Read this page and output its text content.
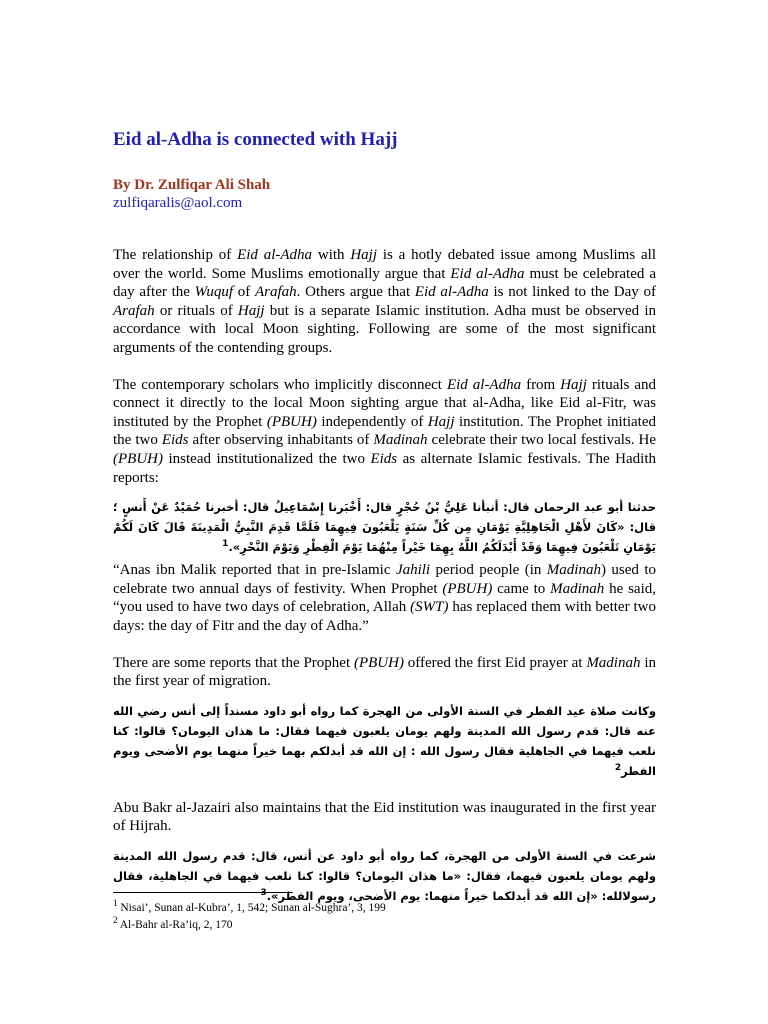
Eid al-Adha is connected with Hajj
By Dr. Zulfiqar Ali Shah
zulfiqaralis@aol.com

The relationship of Eid al-Adha with Hajj is a hotly debated issue among Muslims all over the world. Some Muslims emotionally argue that Eid al-Adha must be celebrated a day after the Wuquf of Arafah. Others argue that Eid al-Adha is not linked to the Day of Arafah or rituals of Hajj but is a separate Islamic institution. Adha must be observed in accordance with local Moon sighting. Following are some of the most significant arguments of the contending groups.

The contemporary scholars who implicitly disconnect Eid al-Adha from Hajj rituals and connect it directly to the local Moon sighting argue that al-Adha, like Eid al-Fitr, was instituted by the Prophet (PBUH) independently of Hajj institution. The Prophet initiated the two Eids after observing inhabitants of Madinah celebrate their two local festivals. He (PBUH) instead institutionalized the two Eids as alternate Islamic festivals. The Hadith reports:

حدثنا أبو عبد الرحمان قال: أنبأنا عَلِيُّ بْنُ حُجْرٍ قال: أَخْبَرنا إِسْمَاعِيلُ قال: أخبرنا حُمَيْدٌ عَنْ أَنسٍ ؛ قال: «كَانَ لأَهْلِ الْجَاهِلِيَّةِ يَوْمَانِ مِن كُلِّ سَنَةٍ يَلْعَبُونَ فِيهِمَا فَلَمَّا قَدِمَ النَّبِيُّ الْمَدِينَةَ قَالَ كَانَ لَكُمْ يَوْمَانِ تَلْعَبُونَ فِيهِمَا وَقَدْ أَبْدَلَكُمُ اللَّهُ بِهِمَا خَيْراً مِنْهُمَا يَوْمَ الْفِطْرِ وَيَوْمَ النَّحْرِ».$^1$

“Anas ibn Malik reported that in pre-Islamic Jahili period people (in Madinah) used to celebrate two annual days of festivity. When Prophet (PBUH) came to Madinah he said, “you used to have two days of celebration, Allah (SWT) has replaced them with better two days: the day of Fitr and the day of Adha.”

There are some reports that the Prophet (PBUH) offered the first Eid prayer at Madinah in the first year of migration.

وكانت صلاة عيد الفطر في السنة الأولى من الهجرة كما رواه أبو داود مسنداً إلى أنس رضي الله عنه قال: قدم رسول الله المدينة ولهم يومان يلعبون فيهما فقال: ما هذان اليومان؟ قالوا: كنا نلعب فيهما في الجاهلية فقال رسول الله : إن الله قد أبدلكم بهما خيراً منهما يوم الأضحى ويوم الفطر$^2$

Abu Bakr al-Jazairi also maintains that the Eid institution was inaugurated in the first year of Hijrah.

شرعت في السنة الأولى من الهجرة، كما رواه أبو داود عن أنس، قال: قدم رسول الله المدينة ولهم يومان يلعبون فيهما، فقال: «ما هذان اليومان؟ قالوا: كنا نلعب فيهما في الجاهلية، فقال رسولالله: «إن الله قد أبدلكما خيراً منهما: يوم الأضحى، ويوم الفطر».$^3$

$^1$ Nisai’, Sunan al-Kubra’, 1, 542; Sunan al-Sughra’, 3, 199
$^2$ Al-Bahr al-Ra’iq, 2, 170
